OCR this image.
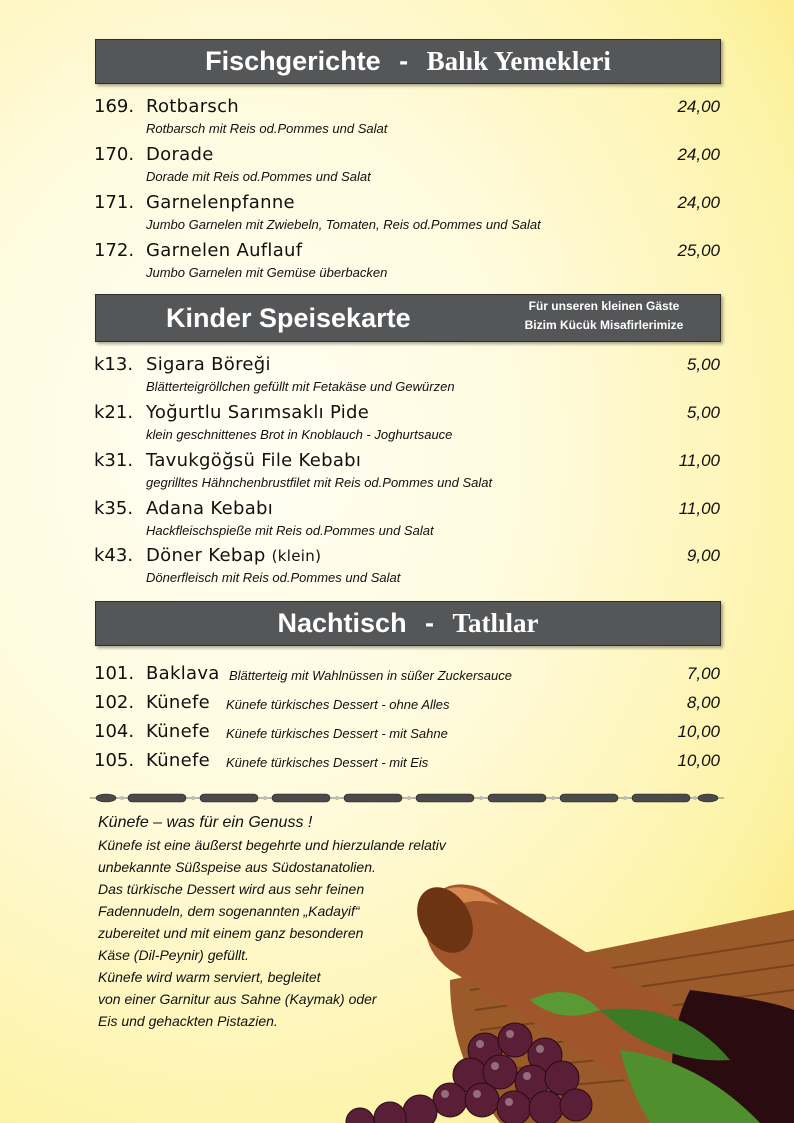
Fischgerichte - Balık Yemekleri
169. Rotbarsch	24,00
Rotbarsch mit Reis od.Pommes und Salat
170. Dorade	24,00
Dorade mit Reis od.Pommes und Salat
171. Garnelenpfanne	24,00
Jumbo Garnelen mit Zwiebeln, Tomaten, Reis od.Pommes und Salat
172. Garnelen Auflauf	25,00
Jumbo Garnelen mit Gemüse überbacken
Kinder Speisekarte	Für unseren kleinen Gäste
Bizim Kücük Misafirlerimize
k13. Sigara Böreği	5,00
Blätterteigröllchen gefüllt mit Fetakäse und Gewürzen
k21. Yoğurtlu Sarımsaklı Pide	5,00
klein geschnittenes Brot in Knoblauch - Joghurtsauce
k31. Tavukgöğsü File Kebabı	11,00
gegrilltes Hähnchenbrustfilet mit Reis od.Pommes und Salat
k35. Adana Kebabı	11,00
Hackfleischspieße mit Reis od.Pommes und Salat
k43. Döner Kebap (klein)	9,00
Dönerfleisch mit Reis od.Pommes und Salat
Nachtisch - Tatlılar
101. Baklava Blätterteig mit Wahlnüssen in süßer Zuckersauce	7,00
102. Künefe Künefe türkisches Dessert - ohne Alles	8,00
104. Künefe Künefe türkisches Dessert - mit Sahne	10,00
105. Künefe Künefe türkisches Dessert - mit Eis	10,00
Künefe – was für ein Genuss !
Künefe ist eine äußerst begehrte und hierzulande relativ
unbekannte Süßspeise aus Südostanatolien.
Das türkische Dessert wird aus sehr feinen
Fadennudeln, dem sogenannten „Kadayif“
zubereitet und mit einem ganz besonderen
Käse (Dil-Peynir) gefüllt.
Künefe wird warm serviert, begleitet
von einer Garnitur aus Sahne (Kaymak) oder
Eis und gehackten Pistazien.
